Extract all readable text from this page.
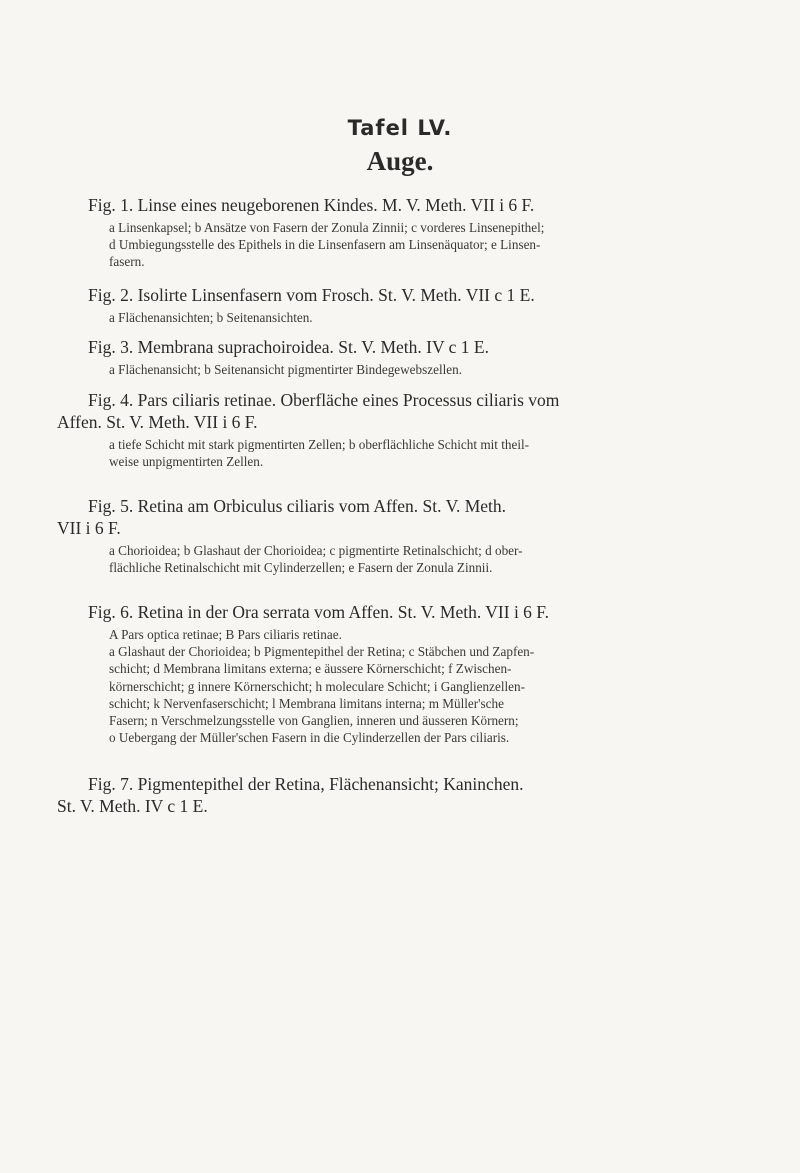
Tafel LV.
Auge.

Fig. 1. Linse eines neugeborenen Kindes. M. V. Meth. VII i 6 F.

a Linsenkapsel; b Ansätze von Fasern der Zonula Zinnii; c vorderes Linsenepithel;

d Umbiegungsstelle des Epithels in die Linsenfasern am Linsenäquator; e Linsen-

fasern.

Fig. 2. Isolirte Linsenfasern vom Frosch. St. V. Meth. VII c 1 E.

a Flächenansichten; b Seitenansichten.

Fig. 3. Membrana suprachoiroidea. St. V. Meth. IV c 1 E.

a Flächenansicht; b Seitenansicht pigmentirter Bindegewebszellen.

Fig. 4. Pars ciliaris retinae. Oberfläche eines Processus ciliaris vom

Affen. St. V. Meth. VII i 6 F.

a tiefe Schicht mit stark pigmentirten Zellen; b oberflächliche Schicht mit theil-

weise unpigmentirten Zellen.

Fig. 5. Retina am Orbiculus ciliaris vom Affen. St. V. Meth.

VII i 6 F.

a Chorioidea; b Glashaut der Chorioidea; c pigmentirte Retinalschicht; d ober-

flächliche Retinalschicht mit Cylinderzellen; e Fasern der Zonula Zinnii.

Fig. 6. Retina in der Ora serrata vom Affen. St. V. Meth. VII i 6 F.

A Pars optica retinae; B Pars ciliaris retinae.

a Glashaut der Chorioidea; b Pigmentepithel der Retina; c Stäbchen und Zapfen-

schicht; d Membrana limitans externa; e äussere Körnerschicht; f Zwischen-

körnerschicht; g innere Körnerschicht; h moleculare Schicht; i Ganglienzellen-

schicht; k Nervenfaserschicht; l Membrana limitans interna; m Müller'sche

Fasern; n Verschmelzungsstelle von Ganglien, inneren und äusseren Körnern;

o Uebergang der Müller'schen Fasern in die Cylinderzellen der Pars ciliaris.

Fig. 7. Pigmentepithel der Retina, Flächenansicht; Kaninchen.

St. V. Meth. IV c 1 E.
